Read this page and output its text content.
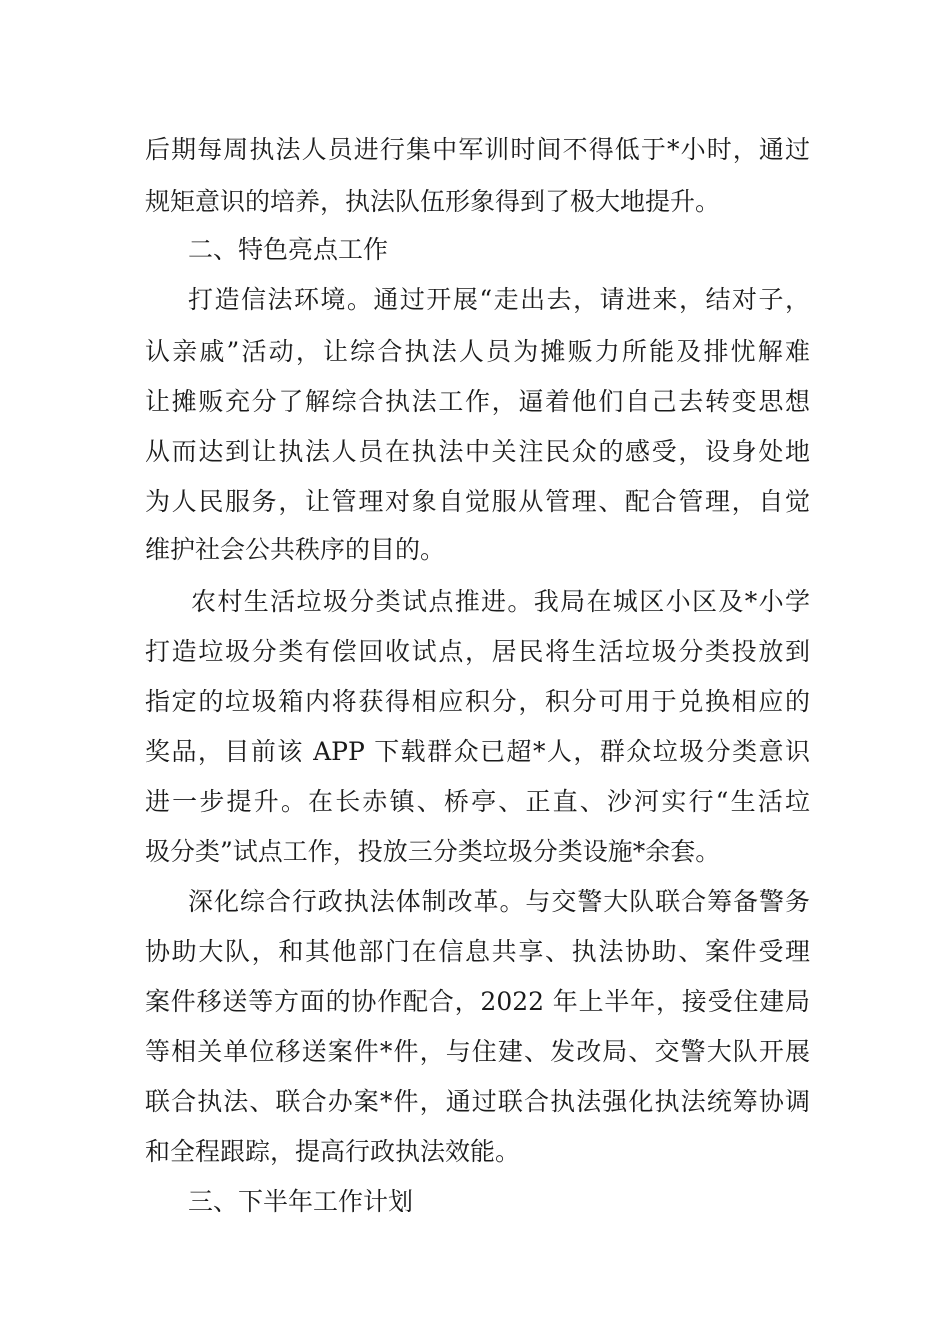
后期每周执法人员进行集中军训时间不得低于*小时，通过
规矩意识的培养，执法队伍形象得到了极大地提升。
二、特色亮点工作
打造信法环境。通过开展“走出去，请进来，结对子，
认亲戚”活动，让综合执法人员为摊贩力所能及排忧解难
让摊贩充分了解综合执法工作，逼着他们自己去转变思想
从而达到让执法人员在执法中关注民众的感受，设身处地
为人民服务，让管理对象自觉服从管理、配合管理，自觉
维护社会公共秩序的目的。
农村生活垃圾分类试点推进。我局在城区小区及*小学
打造垃圾分类有偿回收试点，居民将生活垃圾分类投放到
指定的垃圾箱内将获得相应积分，积分可用于兑换相应的
奖品，目前该 APP 下载群众已超*人，群众垃圾分类意识
进一步提升。在长赤镇、桥亭、正直、沙河实行“生活垃
圾分类”试点工作，投放三分类垃圾分类设施*余套。
深化综合行政执法体制改革。与交警大队联合筹备警务
协助大队，和其他部门在信息共享、执法协助、案件受理
案件移送等方面的协作配合，2022 年上半年，接受住建局
等相关单位移送案件*件，与住建、发改局、交警大队开展
联合执法、联合办案*件，通过联合执法强化执法统筹协调
和全程跟踪，提高行政执法效能。
三、下半年工作计划
